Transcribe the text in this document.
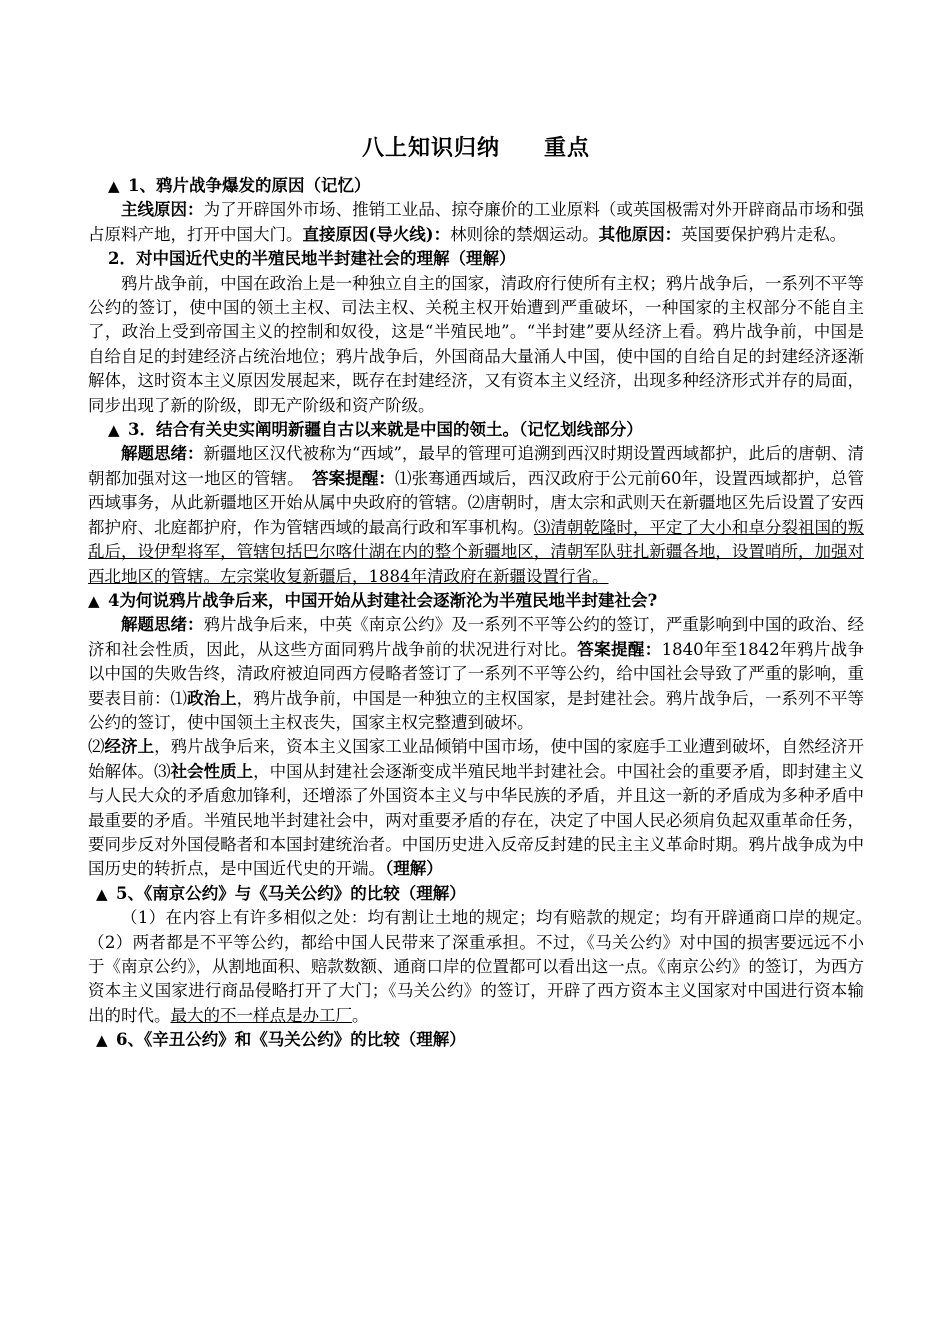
八上知识归纳 重点

▲ 1、鸦片战争爆发的原因（记忆）

主线原因：为了开辟国外市场、推销工业品、掠夺廉价的工业原料（或英国极需对外开辟商品市场和强占原料产地，打开中国大门。直接原因(导火线)：林则徐的禁烟运动。其他原因：英国要保护鸦片走私。

2．对中国近代史的半殖民地半封建社会的理解（理解）

鸦片战争前，中国在政治上是一种独立自主的国家，清政府行使所有主权；鸦片战争后，一系列不平等公约的签订，使中国的领土主权、司法主权、关税主权开始遭到严重破坏，一种国家的主权部分不能自主了，政治上受到帝国主义的控制和奴役，这是“半殖民地”。“半封建”要从经济上看。鸦片战争前，中国是自给自足的封建经济占统治地位；鸦片战争后，外国商品大量涌人中国，使中国的自给自足的封建经济逐渐解体，这时资本主义原因发展起来，既存在封建经济，又有资本主义经济，出现多种经济形式并存的局面，同步出现了新的阶级，即无产阶级和资产阶级。

▲ 3．结合有关史实阐明新疆自古以来就是中国的领土。（记忆划线部分）

解题思绪：新疆地区汉代被称为“西域”，最早的管理可追溯到西汉时期设置西域都护，此后的唐朝、清朝都加强对这一地区的管辖。　 答案提醒：⑴张骞通西域后，西汉政府于公元前60年，设置西域都护，总管西域事务，从此新疆地区开始从属中央政府的管辖。⑵唐朝时，唐太宗和武则天在新疆地区先后设置了安西都护府、北庭都护府，作为管辖西域的最高行政和军事机构。⑶清朝乾隆时，平定了大小和卓分裂祖国的叛乱后，设伊犁将军，管辖包括巴尔喀什湖在内的整个新疆地区，清朝军队驻扎新疆各地，设置哨所，加强对西北地区的管辖。左宗棠收复新疆后，1884年清政府在新疆设置行省。

▲ 4为何说鸦片战争后来，中国开始从封建社会逐渐沦为半殖民地半封建社会?

解题思绪：鸦片战争后来，中英《南京公约》及一系列不平等公约的签订，严重影响到中国的政治、经济和社会性质，因此，从这些方面同鸦片战争前的状况进行对比。答案提醒：1840年至1842年鸦片战争以中国的失败告终，清政府被迫同西方侵略者签订了一系列不平等公约，给中国社会导致了严重的影响，重要表目前：⑴政治上，鸦片战争前，中国是一种独立的主权国家，是封建社会。鸦片战争后，一系列不平等公约的签订，使中国领土主权丧失，国家主权完整遭到破坏。

⑵经济上，鸦片战争后来，资本主义国家工业品倾销中国市场，使中国的家庭手工业遭到破坏，自然经济开始解体。⑶社会性质上，中国从封建社会逐渐变成半殖民地半封建社会。中国社会的重要矛盾，即封建主义与人民大众的矛盾愈加锋利，还增添了外国资本主义与中华民族的矛盾，并且这一新的矛盾成为多种矛盾中最重要的矛盾。半殖民地半封建社会中，两对重要矛盾的存在，决定了中国人民必须肩负起双重革命任务，要同步反对外国侵略者和本国封建统治者。中国历史进入反帝反封建的民主主义革命时期。鸦片战争成为中国历史的转折点，是中国近代史的开端。（理解）

▲ 5、《南京公约》与《马关公约》的比较（理解）

（1）在内容上有许多相似之处：均有割让土地的规定；均有赔款的规定；均有开辟通商口岸的规定。　（2）两者都是不平等公约，都给中国人民带来了深重承担。不过，《马关公约》对中国的损害要远远不小于《南京公约》，从割地面积、赔款数额、通商口岸的位置都可以看出这一点。《南京公约》的签订，为西方资本主义国家进行商品侵略打开了大门；《马关公约》的签订，开辟了西方资本主义国家对中国进行资本输出的时代。最大的不一样点是办工厂。

▲ 6、《辛丑公约》和《马关公约》的比较（理解）
